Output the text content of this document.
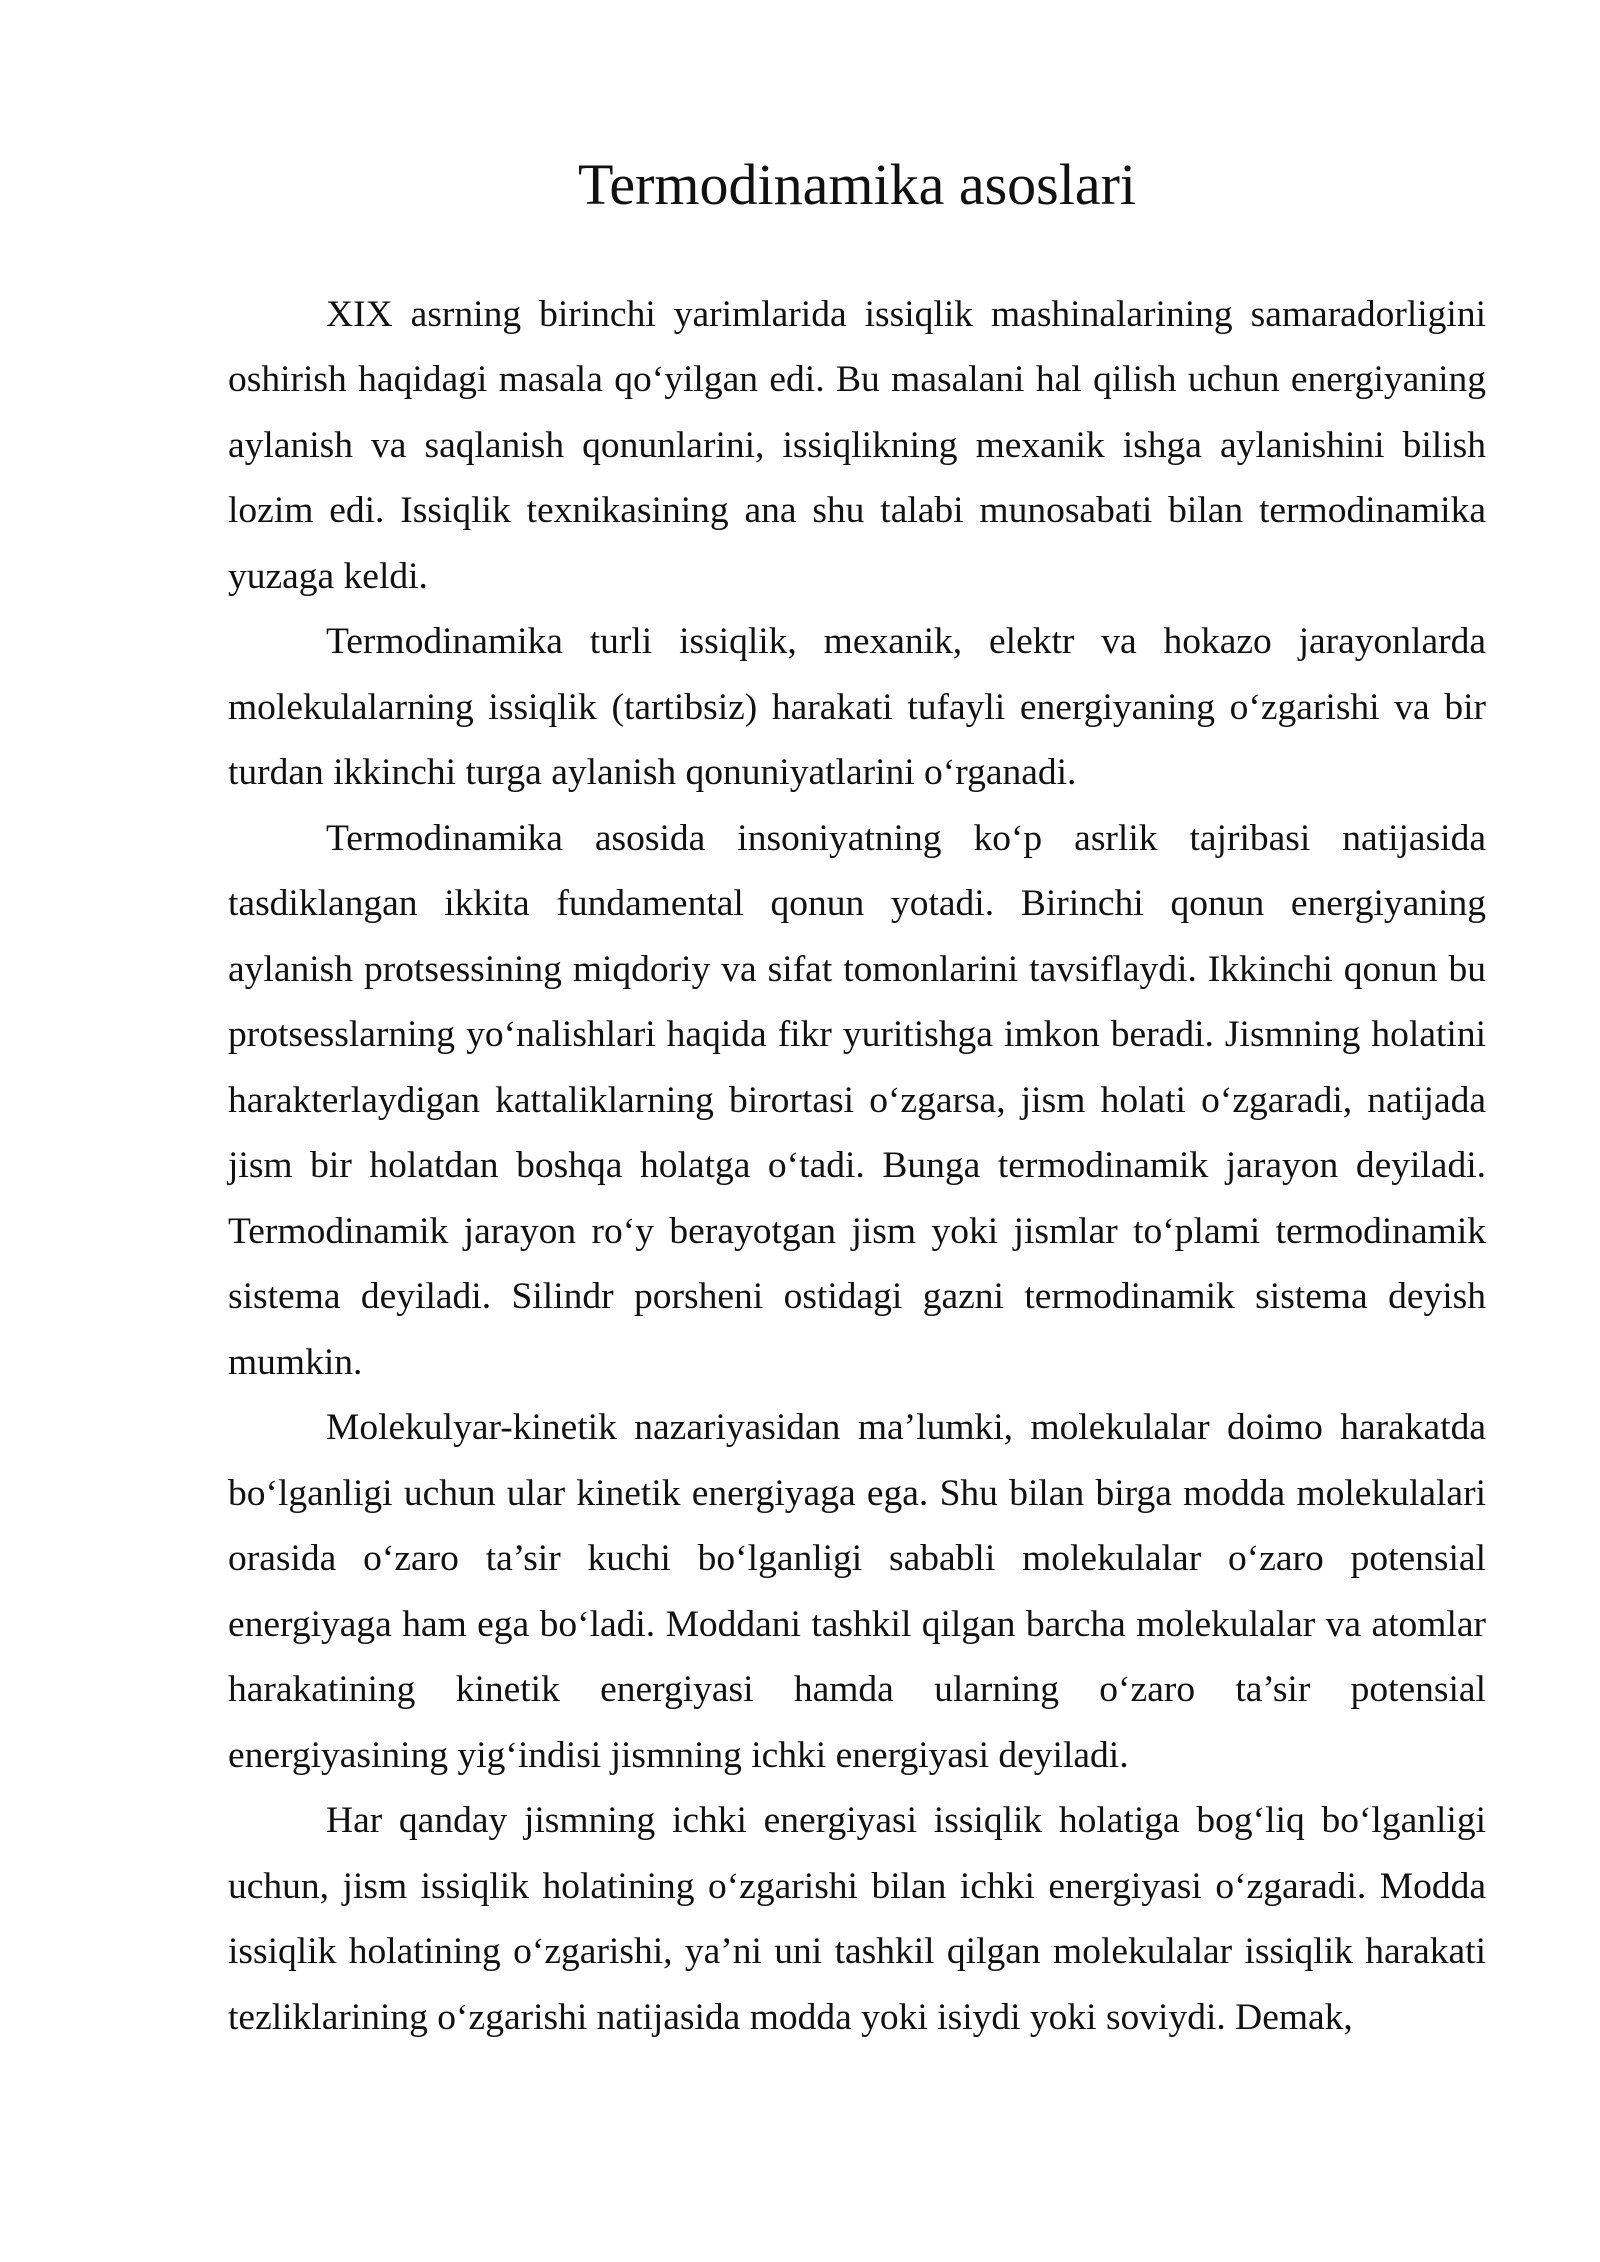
Termodinamika asoslari

XIX asrning birinchi yarimlarida issiqlik mashinalarining samaradorligini oshirish haqidagi masala qo‘yilgan edi. Bu masalani hal qilish uchun energiyaning aylanish va saqlanish qonunlarini, issiqlikning mexanik ishga aylanishini bilish lozim edi. Issiqlik texnikasining ana shu talabi munosabati bilan termodinamika yuzaga keldi.

Termodinamika turli issiqlik, mexanik, elektr va hokazo jarayonlarda molekulalarning issiqlik (tartibsiz) harakati tufayli energiyaning o‘zgarishi va bir turdan ikkinchi turga aylanish qonuniyatlarini o‘rganadi.

Termodinamika asosida insoniyatning ko‘p asrlik tajribasi natijasida tasdiklangan ikkita fundamental qonun yotadi. Birinchi qonun energiyaning aylanish protsessining miqdoriy va sifat tomonlarini tavsiflaydi. Ikkinchi qonun bu protsesslarning yo‘nalishlari haqida fikr yuritishga imkon beradi. Jismning holatini harakterlaydigan kattaliklarning birortasi o‘zgarsa, jism holati o‘zgaradi, natijada jism bir holatdan boshqa holatga o‘tadi. Bunga termodinamik jarayon deyiladi. Termodinamik jarayon ro‘y berayotgan jism yoki jismlar to‘plami termodinamik sistema deyiladi. Silindr porsheni ostidagi gazni termodinamik sistema deyish mumkin.

Molekulyar-kinetik nazariyasidan ma’lumki, molekulalar doimo harakatda bo‘lganligi uchun ular kinetik energiyaga ega. Shu bilan birga modda molekulalari orasida o‘zaro ta’sir kuchi bo‘lganligi sababli molekulalar o‘zaro potensial energiyaga ham ega bo‘ladi. Moddani tashkil qilgan barcha molekulalar va atomlar harakatining kinetik energiyasi hamda ularning o‘zaro ta’sir potensial energiyasining yig‘indisi jismning ichki energiyasi deyiladi.

Har qanday jismning ichki energiyasi issiqlik holatiga bog‘liq bo‘lganligi uchun, jism issiqlik holatining o‘zgarishi bilan ichki energiyasi o‘zgaradi. Modda issiqlik holatining o‘zgarishi, ya’ni uni tashkil qilgan molekulalar issiqlik harakati tezliklarining o‘zgarishi natijasida modda yoki isiydi yoki soviydi. Demak,
